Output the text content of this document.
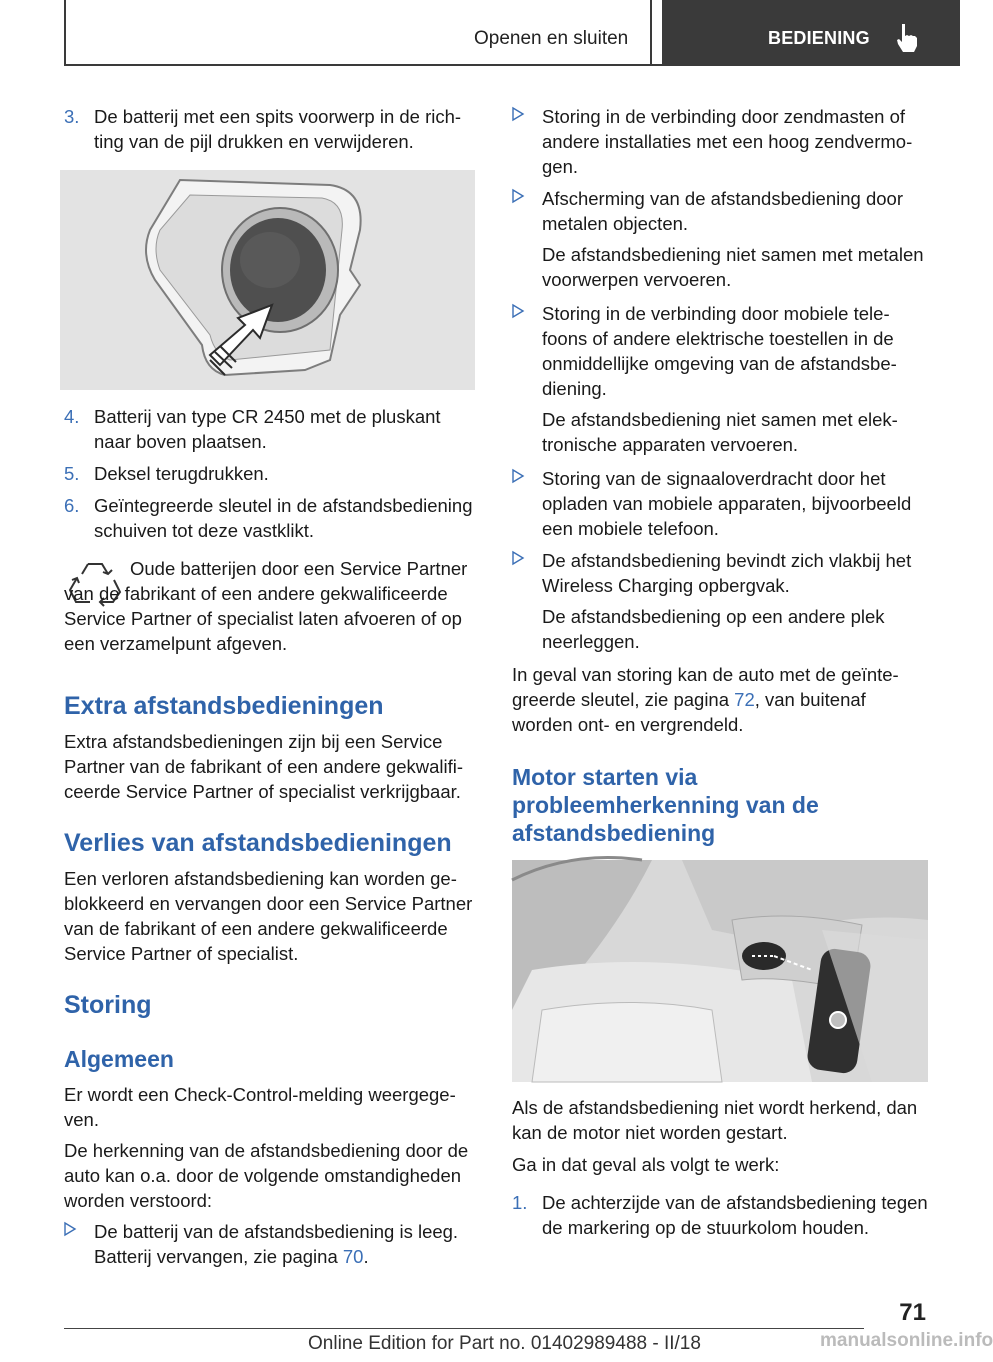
Openen en sluiten	BEDIENING
3. De batterij met een spits voorwerp in de richting van de pijl drukken en verwijderen.
4. Batterij van type CR 2450 met de pluskant naar boven plaatsen.
5. Deksel terugdrukken.
6. Geïntegreerde sleutel in de afstandsbediening schuiven tot deze vastklikt.
Oude batterijen door een Service Partner van de fabrikant of een andere gekwalificeerde Service Partner of specialist laten afvoeren of op een verzamelpunt afgeven.
Extra afstandsbedieningen
Extra afstandsbedieningen zijn bij een Service Partner van de fabrikant of een andere gekwalificeerde Service Partner of specialist verkrijgbaar.
Verlies van afstandsbedieningen
Een verloren afstandsbediening kan worden geblokkeerd en vervangen door een Service Partner van de fabrikant of een andere gekwalificeerde Service Partner of specialist.
Storing
Algemeen
Er wordt een Check-Control-melding weergegeven.
De herkenning van de afstandsbediening door de auto kan o.a. door de volgende omstandigheden worden verstoord:
De batterij van de afstandsbediening is leeg. Batterij vervangen, zie pagina 70.
Storing in de verbinding door zendmasten of andere installaties met een hoog zendvermogen.
Afscherming van de afstandsbediening door metalen objecten.
De afstandsbediening niet samen met metalen voorwerpen vervoeren.
Storing in de verbinding door mobiele telefoons of andere elektrische toestellen in de onmiddellijke omgeving van de afstandsbediening.
De afstandsbediening niet samen met elektronische apparaten vervoeren.
Storing van de signaaloverdracht door het opladen van mobiele apparaten, bijvoorbeeld een mobiele telefoon.
De afstandsbediening bevindt zich vlakbij het Wireless Charging opbergvak.
De afstandsbediening op een andere plek neerleggen.
In geval van storing kan de auto met de geïntegreerde sleutel, zie pagina 72, van buitenaf worden ont- en vergrendeld.
Motor starten via probleemherkenning van de afstandsbediening
Als de afstandsbediening niet wordt herkend, dan kan de motor niet worden gestart.
Ga in dat geval als volgt te werk:
1. De achterzijde van de afstandsbediening tegen de markering op de stuurkolom houden.
71
Online Edition for Part no. 01402989488 - II/18	manualsonline.info
